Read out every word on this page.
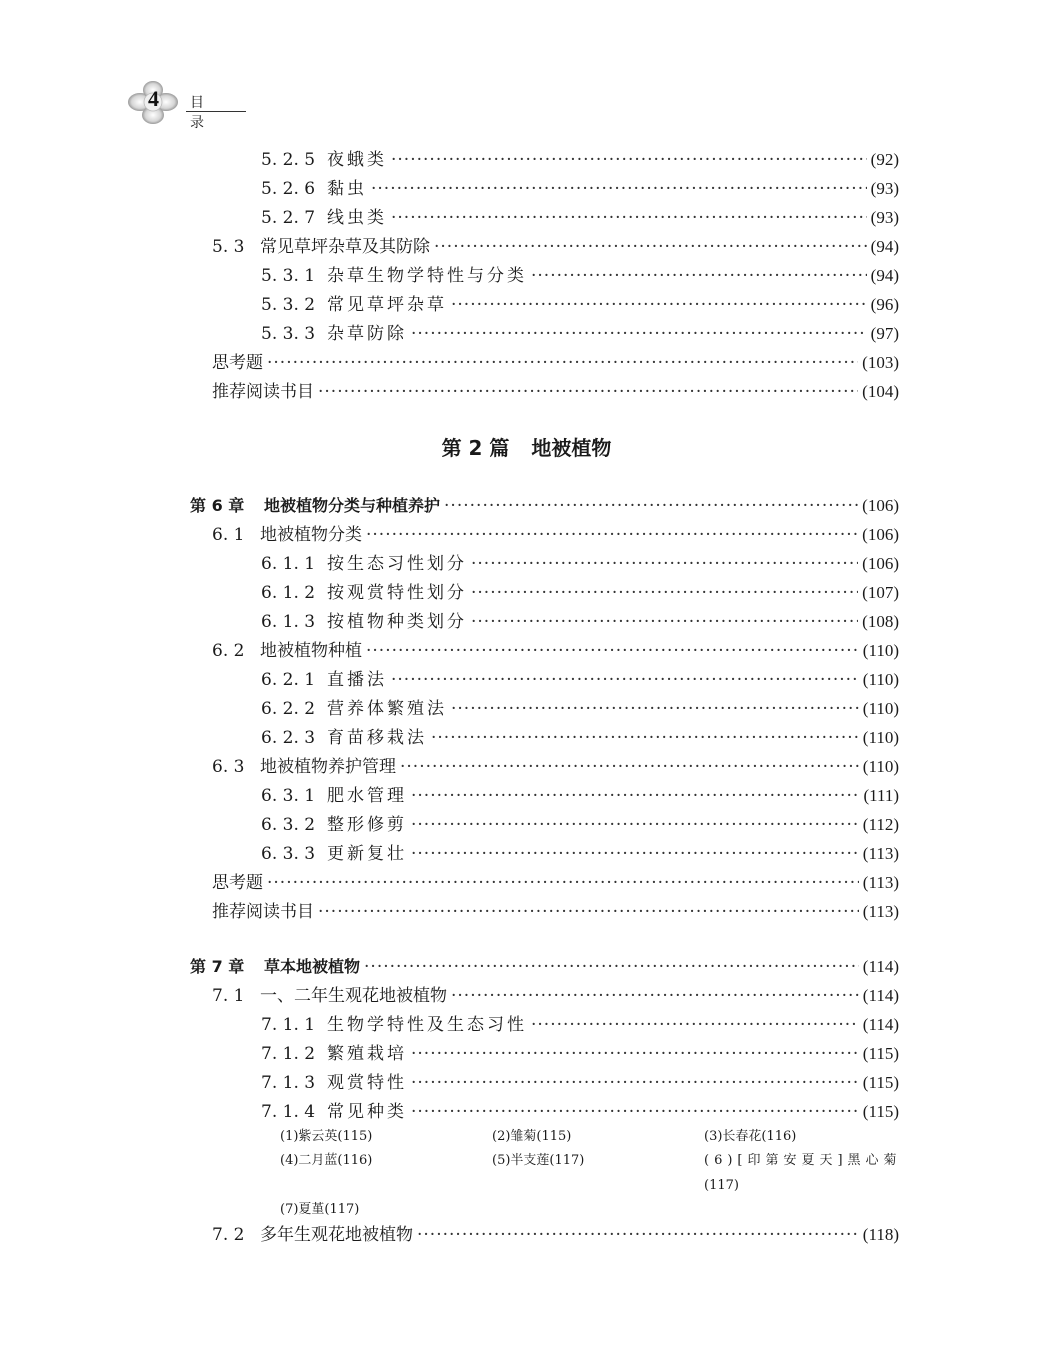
4 目 录
5. 2. 5 夜蛾类 ·····	(92)
5. 2. 6 黏虫 ·····	(93)
5. 2. 7 线虫类 ·····	(93)
5. 3 常见草坪杂草及其防除 ·····	(94)
5. 3. 1 杂草生物学特性与分类 ·····	(94)
5. 3. 2 常见草坪杂草 ·····	(96)
5. 3. 3 杂草防除 ·····	(97)
思考题 ·····	(103)
推荐阅读书目 ·····	(104)
第 6 章	地被植物分类与种植养护 ·····	(106)
6. 1 地被植物分类 ·····	(106)
6. 1. 1 按生态习性划分 ·····	(106)
6. 1. 2 按观赏特性划分 ·····	(107)
6. 1. 3 按植物种类划分 ·····	(108)
6. 2 地被植物种植 ·····	(110)
6. 2. 1 直播法 ·····	(110)
6. 2. 2 营养体繁殖法 ·····	(110)
6. 2. 3 育苗移栽法 ·····	(110)
6. 3 地被植物养护管理 ·····	(110)
6. 3. 1 肥水管理 ·····	(111)
6. 3. 2 整形修剪 ·····	(112)
6. 3. 3 更新复壮 ·····	(113)
思考题 ·····	(113)
推荐阅读书目 ·····	(113)
第 7 章	草本地被植物 ·····	(114)
7. 1 一、二年生观花地被植物 ·····	(114)
7. 1. 1 生物学特性及生态习性 ·····	(114)
7. 1. 2 繁殖栽培 ·····	(115)
7. 1. 3 观赏特性 ·····	(115)
7. 1. 4 常见种类 ·····	(115)
7. 2 多年生观花地被植物 ·····	(118)
第 2 篇 地被植物
(1)紫云英(115)	(2)雏菊(115)	(3)长春花(116)
(4)二月蓝(116)	(5)半支莲(117)	(6)[印第安夏天]黑心菊
(117)
(7)夏堇(117)
